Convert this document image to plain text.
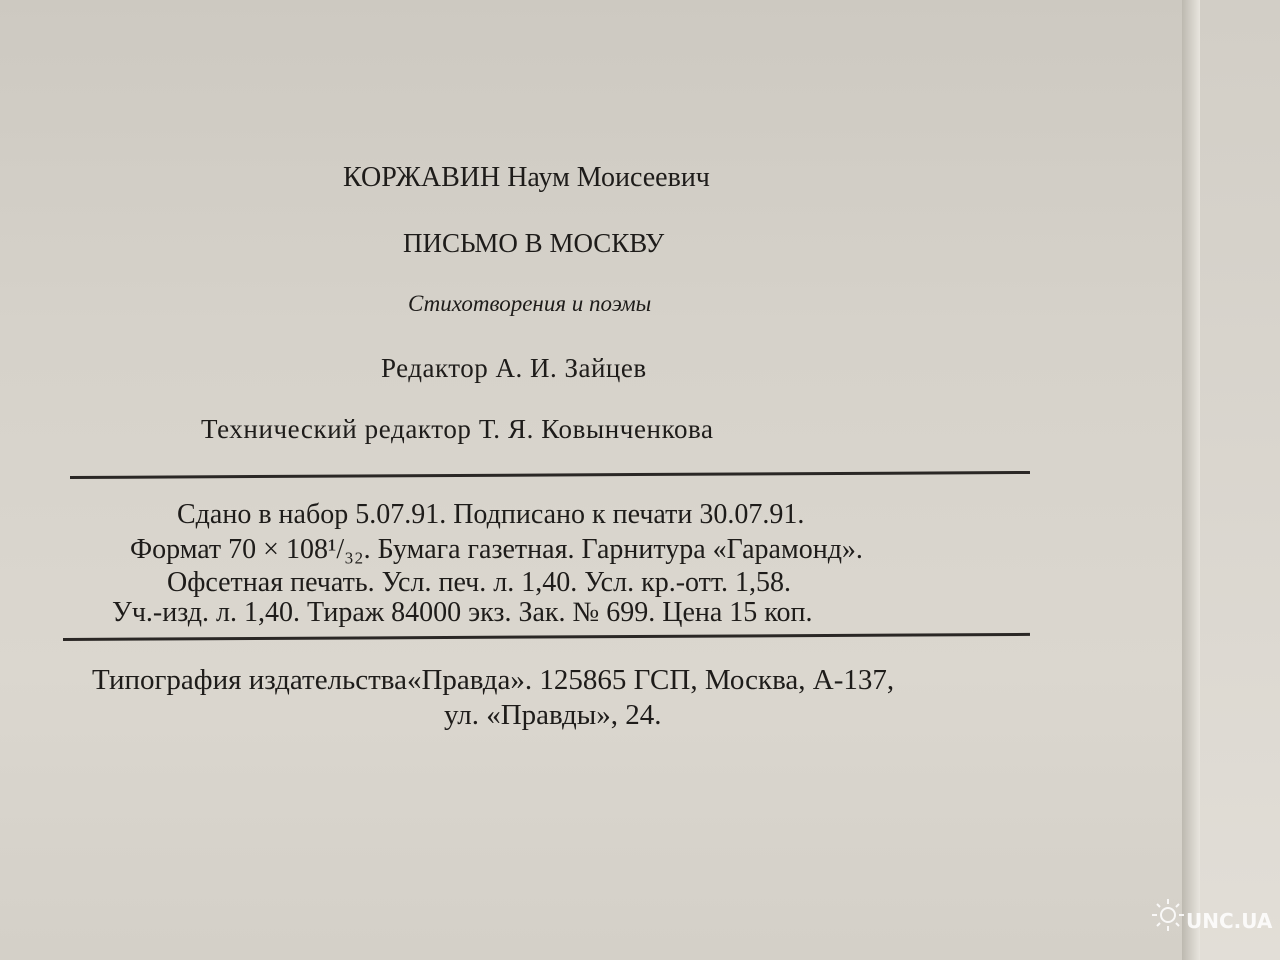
КОРЖАВИН Наум Моисеевич
ПИСЬМО В МОСКВУ
Стихотворения и поэмы
Редактор А. И. Зайцев
Технический редактор Т. Я. Ковынченкова
Сдано в набор 5.07.91. Подписано к печати 30.07.91.
Формат 70 × 108¹/₃₂. Бумага газетная. Гарнитура «Гарамонд».
Офсетная печать. Усл. печ. л. 1,40. Усл. кр.-отт. 1,58.
Уч.-изд. л. 1,40. Тираж 84000 экз. Зак. № 699. Цена 15 коп.
Типография издательства«Правда». 125865 ГСП, Москва, А-137,
ул. «Правды», 24.
UNC.UA
